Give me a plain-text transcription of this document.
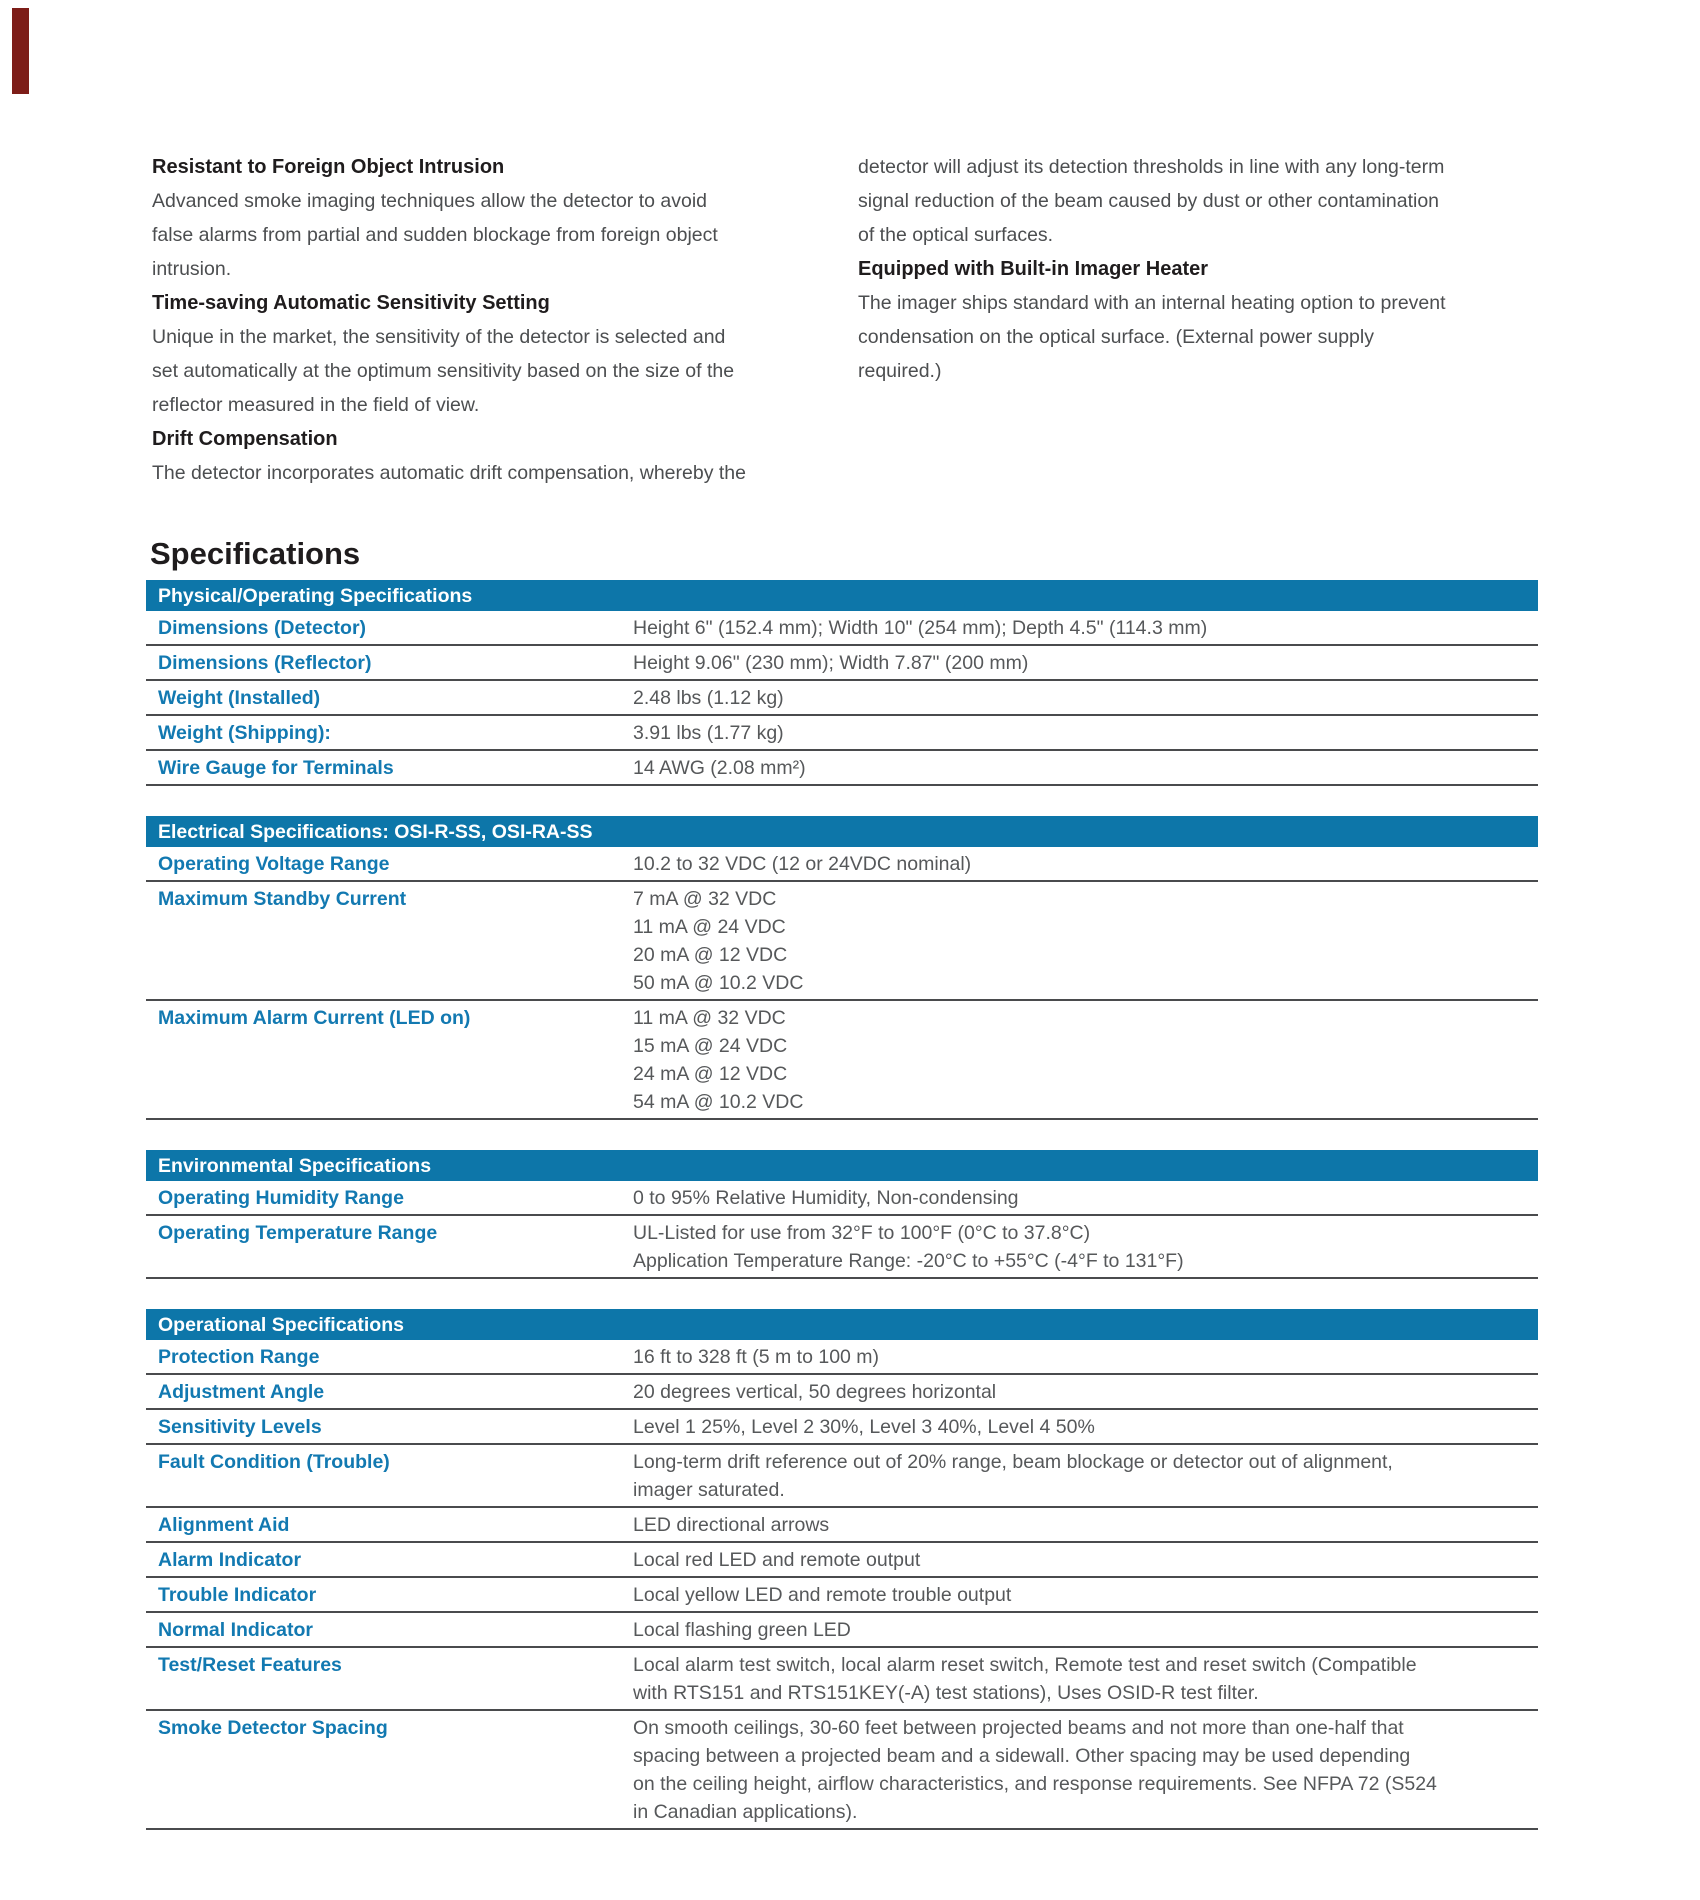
Resistant to Foreign Object Intrusion
Advanced smoke imaging techniques allow the detector to avoid
false alarms from partial and sudden blockage from foreign object
intrusion.
Time-saving Automatic Sensitivity Setting
Unique in the market, the sensitivity of the detector is selected and
set automatically at the optimum sensitivity based on the size of the
reflector measured in the field of view.
Drift Compensation
The detector incorporates automatic drift compensation, whereby the
detector will adjust its detection thresholds in line with any long-term
signal reduction of the beam caused by dust or other contamination
of the optical surfaces.
Equipped with Built-in Imager Heater
The imager ships standard with an internal heating option to prevent
condensation on the optical surface. (External power supply
required.)
Specifications
Physical/Operating Specifications
Dimensions (Detector)	Height 6" (152.4 mm); Width 10" (254 mm); Depth 4.5" (114.3 mm)
Dimensions (Reflector)	Height 9.06" (230 mm); Width 7.87" (200 mm)
Weight (Installed)	2.48 lbs (1.12 kg)
Weight (Shipping):	3.91 lbs (1.77 kg)
Wire Gauge for Terminals	14 AWG (2.08 mm²)
Electrical Specifications: OSI-R-SS, OSI-RA-SS
Operating Voltage Range	10.2 to 32 VDC (12 or 24VDC nominal)
Maximum Standby Current	7 mA @ 32 VDC
11 mA @ 24 VDC
20 mA @ 12 VDC
50 mA @ 10.2 VDC
Maximum Alarm Current (LED on)	11 mA @ 32 VDC
15 mA @ 24 VDC
24 mA @ 12 VDC
54 mA @ 10.2 VDC
Environmental Specifications
Operating Humidity Range	0 to 95% Relative Humidity, Non-condensing
Operating Temperature Range	UL-Listed for use from 32°F to 100°F (0°C to 37.8°C)
Application Temperature Range: -20°C to +55°C (-4°F to 131°F)
Operational Specifications
Protection Range	16 ft to 328 ft (5 m to 100 m)
Adjustment Angle	20 degrees vertical, 50 degrees horizontal
Sensitivity Levels	Level 1 25%, Level 2 30%, Level 3 40%, Level 4 50%
Fault Condition (Trouble)	Long-term drift reference out of 20% range, beam blockage or detector out of alignment,
imager saturated.
Alignment Aid	LED directional arrows
Alarm Indicator	Local red LED and remote output
Trouble Indicator	Local yellow LED and remote trouble output
Normal Indicator	Local flashing green LED
Test/Reset Features	Local alarm test switch, local alarm reset switch, Remote test and reset switch (Compatible
with RTS151 and RTS151KEY(-A) test stations), Uses OSID-R test filter.
Smoke Detector Spacing	On smooth ceilings, 30-60 feet between projected beams and not more than one-half that
spacing between a projected beam and a sidewall. Other spacing may be used depending
on the ceiling height, airflow characteristics, and response requirements. See NFPA 72 (S524
in Canadian applications).
